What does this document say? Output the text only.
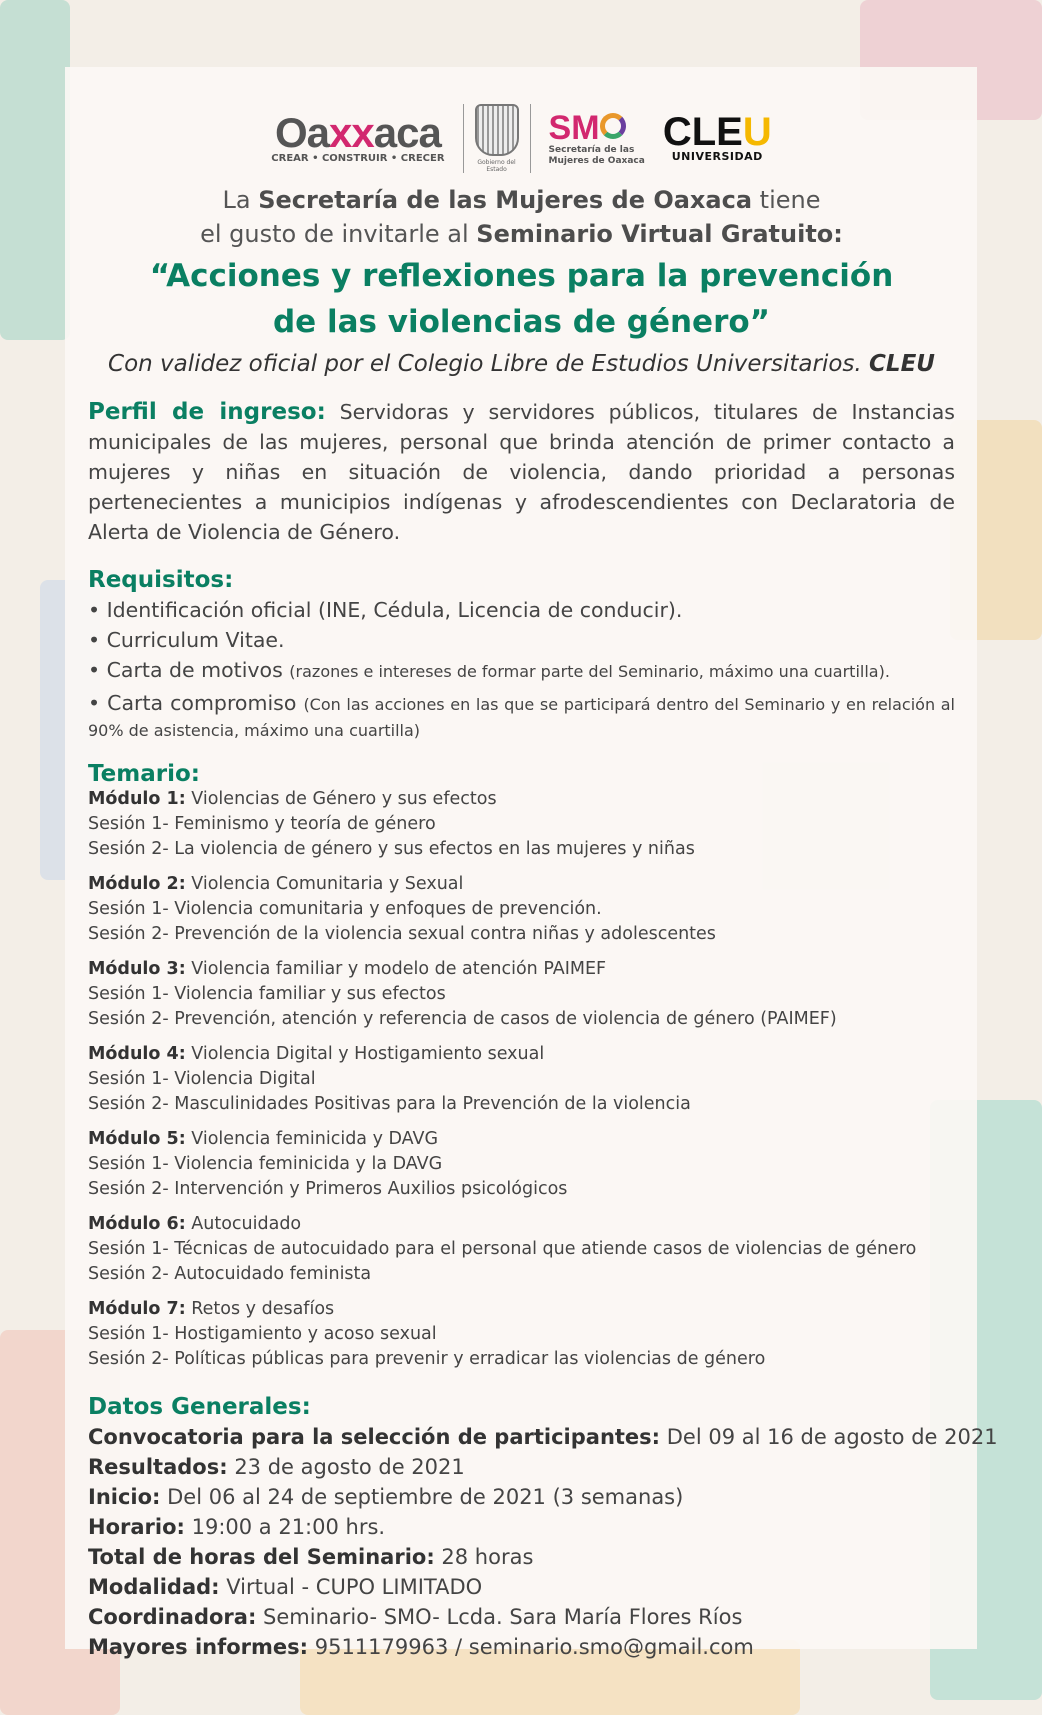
Oaxxaca
CREAR • CONSTRUIR • CRECER	Gobierno del Estado
SM
Secretaría de las
Mujeres de Oaxaca
CLEU
UNIVERSIDAD
La Secretaría de las Mujeres de Oaxaca tiene
el gusto de invitarle al Seminario Virtual Gratuito:
“Acciones y reflexiones para la prevención
de las violencias de género”
Con validez oficial por el Colegio Libre de Estudios Universitarios. CLEU
Perfil de ingreso: Servidoras y servidores públicos, titulares de Instancias municipales de las mujeres, personal que brinda atención de primer contacto a mujeres y niñas en situación de violencia, dando prioridad a personas pertenecientes a municipios indígenas y afrodescendientes con Declaratoria de Alerta de Violencia de Género.
Requisitos:
• Identificación oficial (INE, Cédula, Licencia de conducir).
• Curriculum Vitae.
• Carta de motivos (razones e intereses de formar parte del Seminario, máximo una cuartilla).
• Carta compromiso (Con las acciones en las que se participará dentro del Seminario y en relación al 90% de asistencia, máximo una cuartilla)
Temario:
Módulo 1: Violencias de Género y sus efectos
Sesión 1- Feminismo y teoría de género
Sesión 2- La violencia de género y sus efectos en las mujeres y niñas
Módulo 2: Violencia Comunitaria y Sexual
Sesión 1- Violencia comunitaria y enfoques de prevención.
Sesión 2- Prevención de la violencia sexual contra niñas y adolescentes
Módulo 3: Violencia familiar y modelo de atención PAIMEF
Sesión 1- Violencia familiar y sus efectos
Sesión 2- Prevención, atención y referencia de casos de violencia de género (PAIMEF)
Módulo 4: Violencia Digital y Hostigamiento sexual
Sesión 1- Violencia Digital
Sesión 2- Masculinidades Positivas para la Prevención de la violencia
Módulo 5: Violencia feminicida y DAVG
Sesión 1- Violencia feminicida y la DAVG
Sesión 2- Intervención y Primeros Auxilios psicológicos
Módulo 6: Autocuidado
Sesión 1- Técnicas de autocuidado para el personal que atiende casos de violencias de género
Sesión 2- Autocuidado feminista
Módulo 7: Retos y desafíos
Sesión 1- Hostigamiento y acoso sexual
Sesión 2- Políticas públicas para prevenir y erradicar las violencias de género
Datos Generales:
Convocatoria para la selección de participantes: Del 09 al 16 de agosto de 2021
Resultados: 23 de agosto de 2021
Inicio: Del 06 al 24 de septiembre de 2021 (3 semanas)
Horario: 19:00 a 21:00 hrs.
Total de horas del Seminario: 28 horas
Modalidad: Virtual - CUPO LIMITADO
Coordinadora: Seminario- SMO- Lcda. Sara María Flores Ríos
Mayores informes: 9511179963 / seminario.smo@gmail.com
